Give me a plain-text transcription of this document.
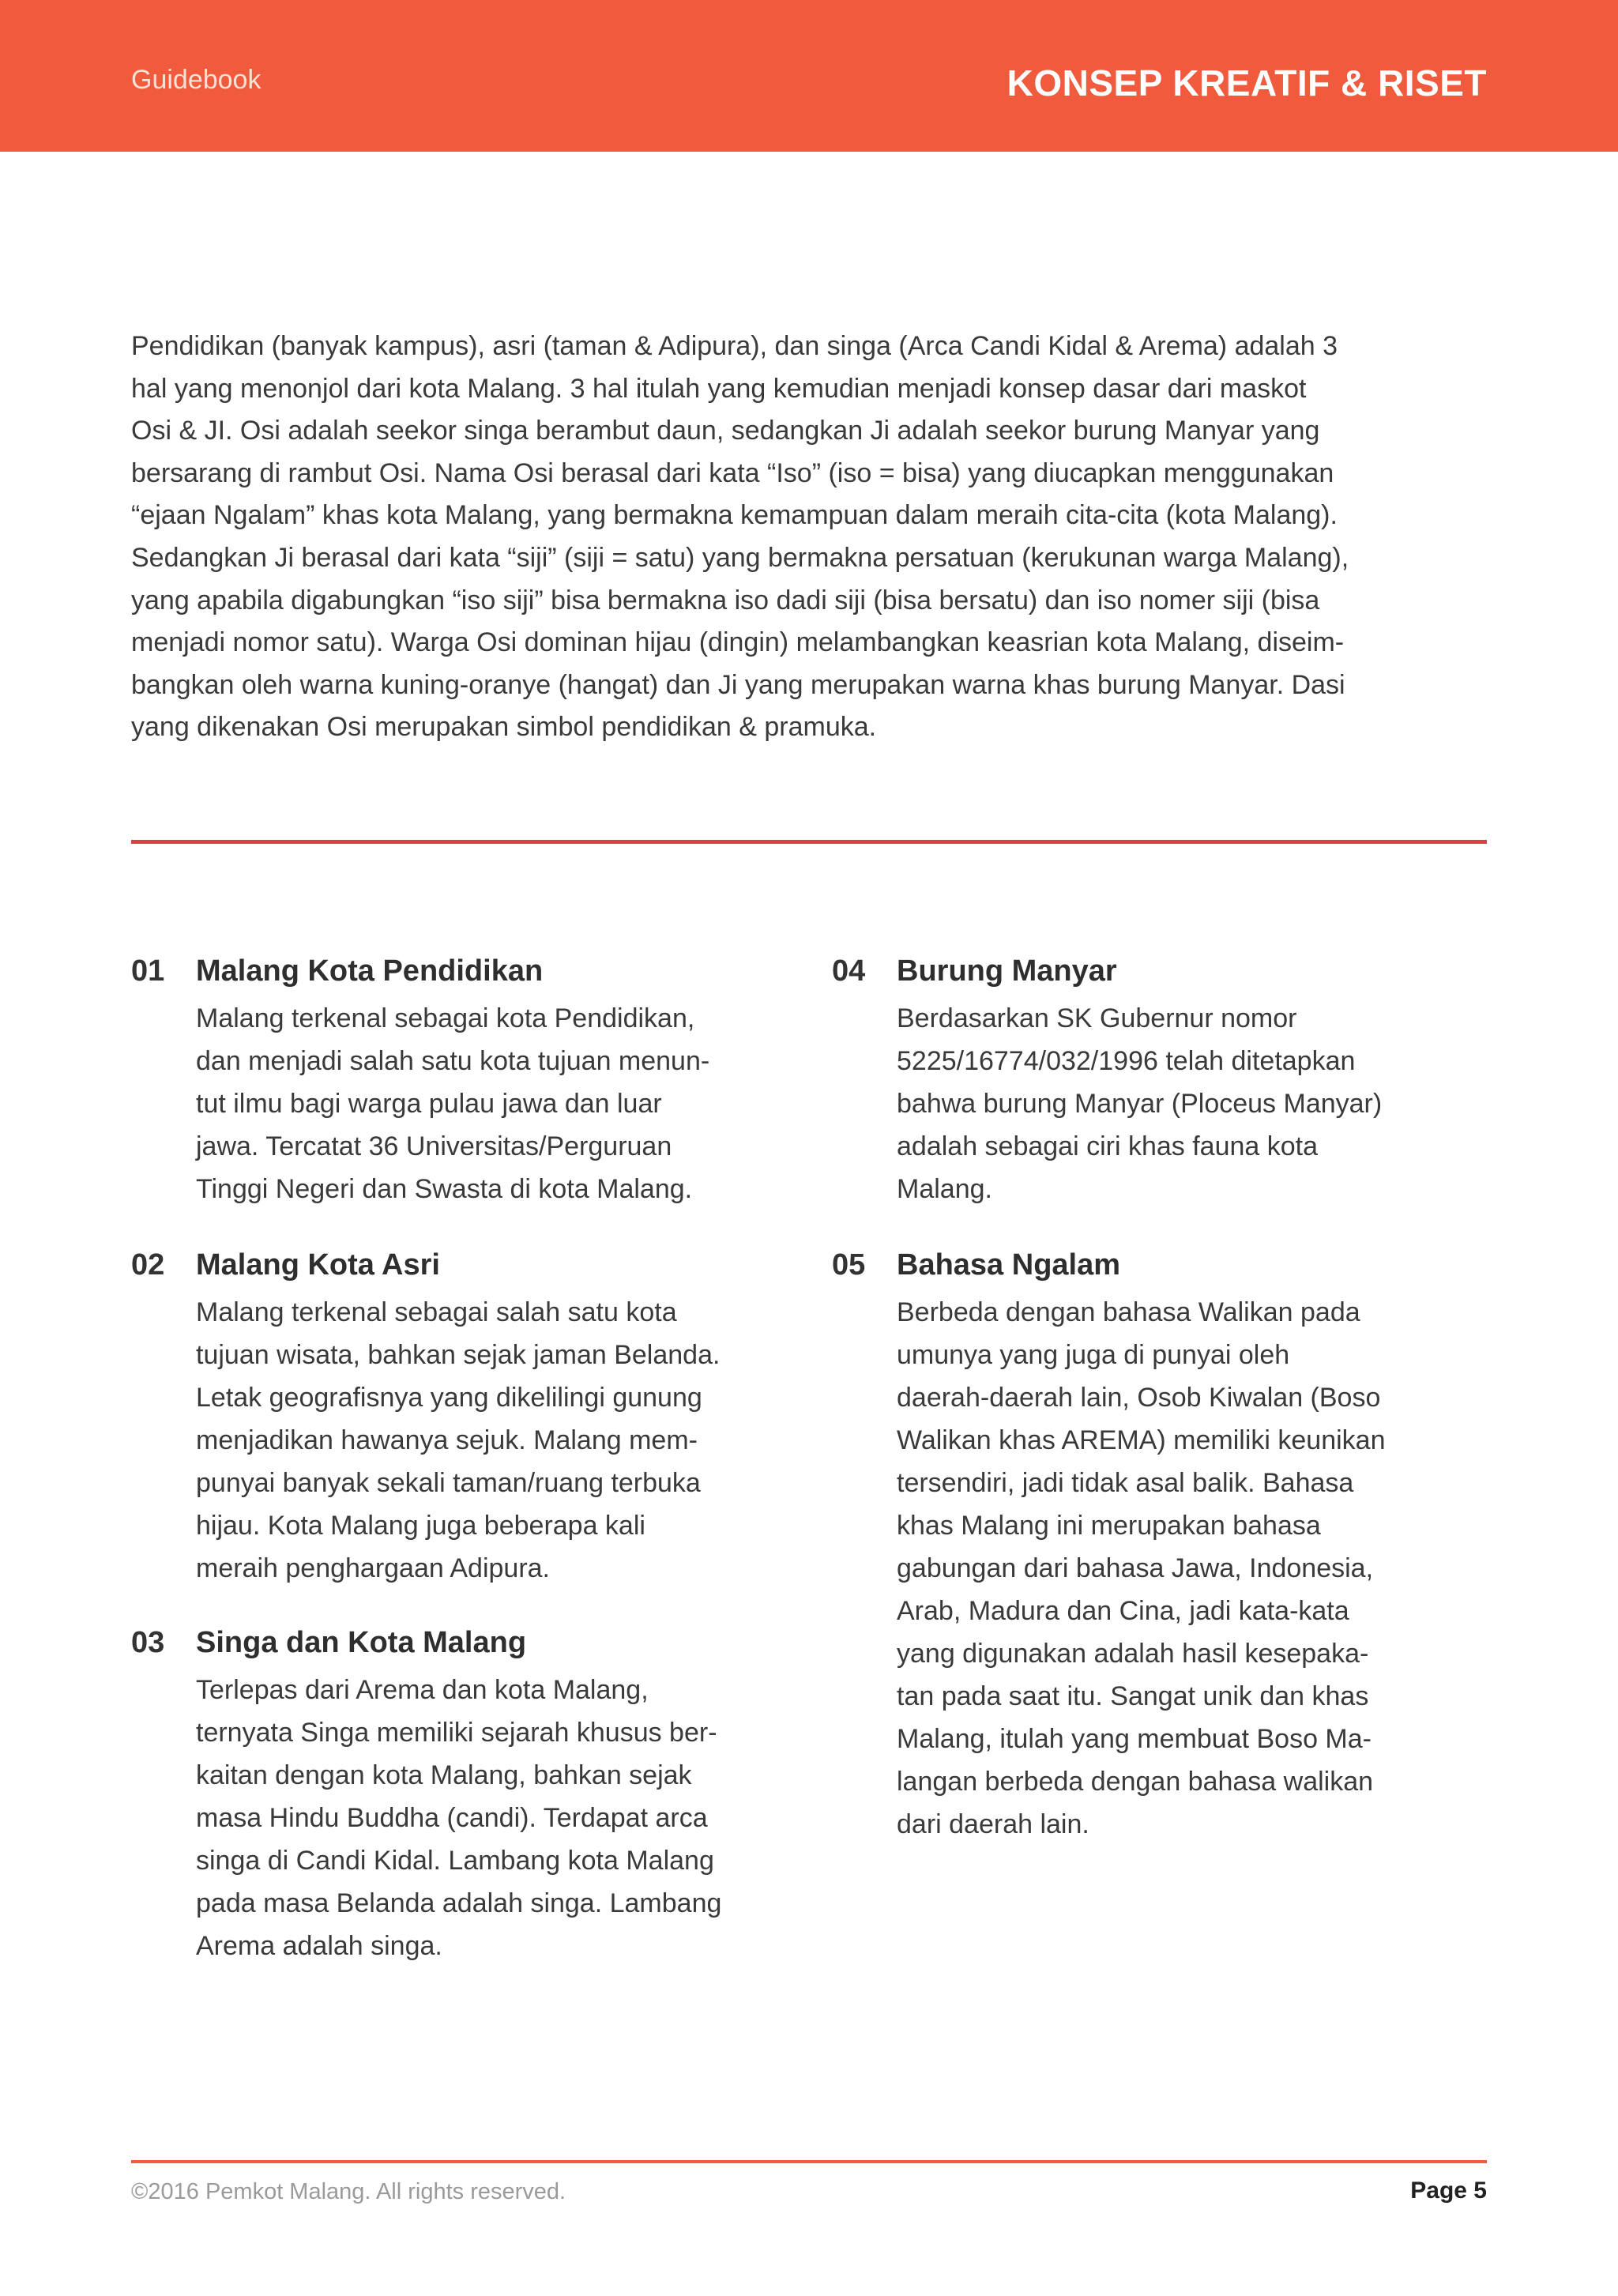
Guidebook	KONSEP KREATIF & RISET
Pendidikan (banyak kampus), asri (taman & Adipura), dan singa (Arca Candi Kidal & Arema) adalah 3
hal yang menonjol dari kota Malang. 3 hal itulah yang kemudian menjadi konsep dasar dari maskot
Osi & JI. Osi adalah seekor singa berambut daun, sedangkan Ji adalah seekor burung Manyar yang
bersarang di rambut Osi. Nama Osi berasal dari kata “Iso” (iso = bisa) yang diucapkan menggunakan
“ejaan Ngalam” khas kota Malang, yang bermakna kemampuan dalam meraih cita-cita (kota Malang).
Sedangkan Ji berasal dari kata “siji” (siji = satu) yang bermakna persatuan (kerukunan warga Malang),
yang apabila digabungkan “iso siji” bisa bermakna iso dadi siji (bisa bersatu) dan iso nomer siji (bisa
menjadi nomor satu). Warga Osi dominan hijau (dingin) melambangkan keasrian kota Malang, diseim-
bangkan oleh warna kuning-oranye (hangat) dan Ji yang merupakan warna khas burung Manyar. Dasi
yang dikenakan Osi merupakan simbol pendidikan & pramuka.
01	Malang Kota Pendidikan
Malang terkenal sebagai kota Pendidikan,
dan menjadi salah satu kota tujuan menun-
tut ilmu bagi warga pulau jawa dan luar
jawa. Tercatat 36 Universitas/Perguruan
Tinggi Negeri dan Swasta di kota Malang.
02	Malang Kota Asri
Malang terkenal sebagai salah satu kota
tujuan wisata, bahkan sejak jaman Belanda.
Letak geografisnya yang dikelilingi gunung
menjadikan hawanya sejuk. Malang mem-
punyai banyak sekali taman/ruang terbuka
hijau. Kota Malang juga beberapa kali
meraih penghargaan Adipura.
03	Singa dan Kota Malang
Terlepas dari Arema dan kota Malang,
ternyata Singa memiliki sejarah khusus ber-
kaitan dengan kota Malang, bahkan sejak
masa Hindu Buddha (candi). Terdapat arca
singa di Candi Kidal. Lambang kota Malang
pada masa Belanda adalah singa. Lambang
Arema adalah singa.
04	Burung Manyar
Berdasarkan SK Gubernur nomor
5225/16774/032/1996 telah ditetapkan
bahwa burung Manyar (Ploceus Manyar)
adalah sebagai ciri khas fauna kota
Malang.
05	Bahasa Ngalam
Berbeda dengan bahasa Walikan pada
umunya yang juga di punyai oleh
daerah-daerah lain, Osob Kiwalan (Boso
Walikan khas AREMA) memiliki keunikan
tersendiri, jadi tidak asal balik. Bahasa
khas Malang ini merupakan bahasa
gabungan dari bahasa Jawa, Indonesia,
Arab, Madura dan Cina, jadi kata-kata
yang digunakan adalah hasil kesepaka-
tan pada saat itu. Sangat unik dan khas
Malang, itulah yang membuat Boso Ma-
langan berbeda dengan bahasa walikan
dari daerah lain.
©2016 Pemkot Malang. All rights reserved.	Page 5
